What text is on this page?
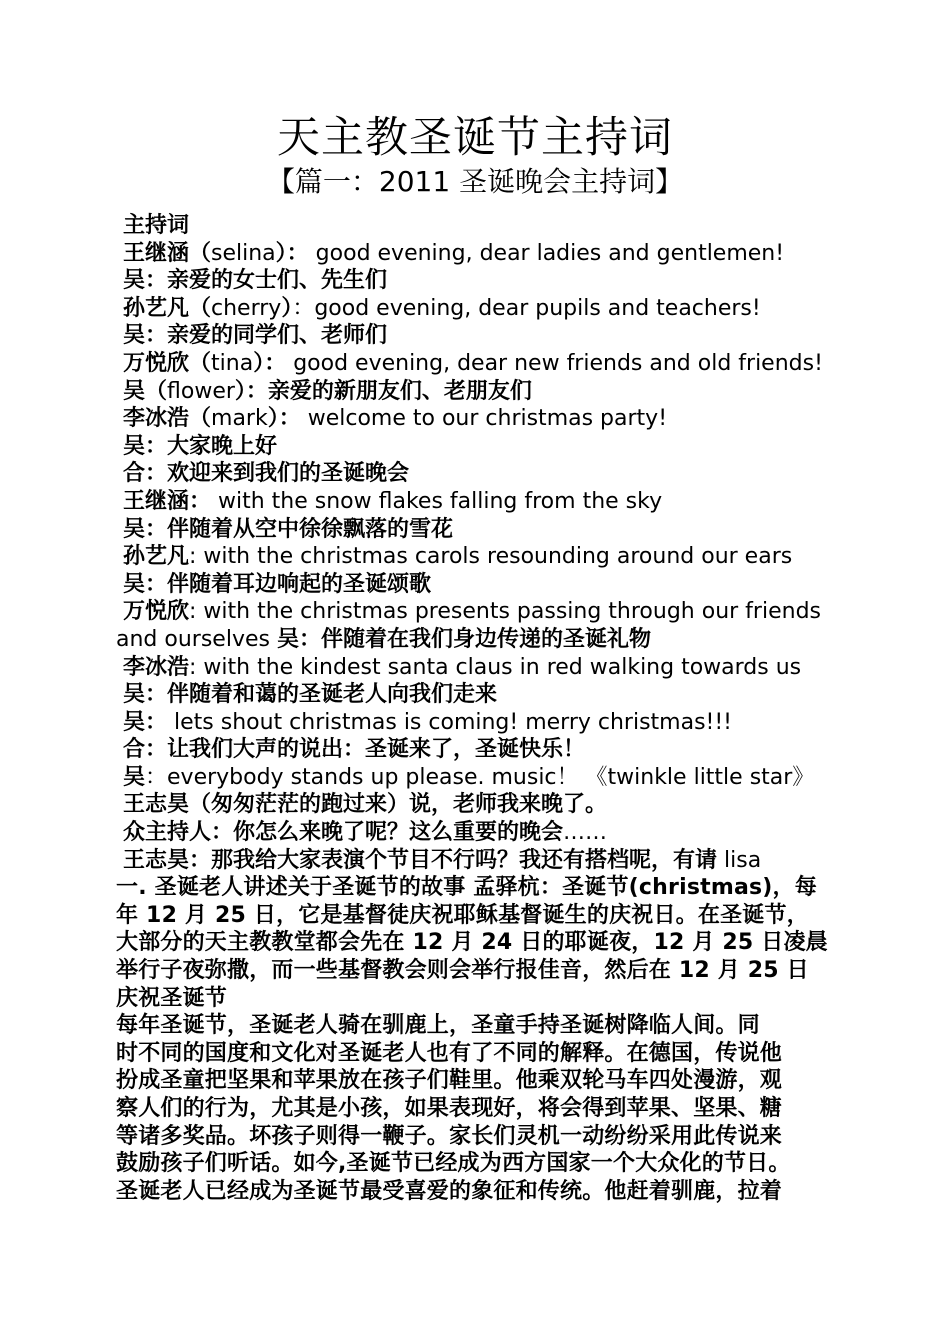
天主教圣诞节主持词
【篇一：2011 圣诞晚会主持词】
主持词
王继涵（selina）： good evening, dear ladies and gentlemen!
吴：亲爱的女士们、先生们
孙艺凡（cherry）：good evening, dear pupils and teachers!
吴：亲爱的同学们、老师们
万悦欣（tina）： good evening, dear new friends and old friends!
吴（flower）：亲爱的新朋友们、老朋友们
李冰浩（mark）： welcome to our christmas party!
吴：大家晚上好
合：欢迎来到我们的圣诞晚会
王继涵： with the snow flakes falling from the sky
吴：伴随着从空中徐徐飘落的雪花
孙艺凡: with the christmas carols resounding around our ears
吴：伴随着耳边响起的圣诞颂歌
万悦欣: with the christmas presents passing through our friends
and ourselves 吴：伴随着在我们身边传递的圣诞礼物
李冰浩: with the kindest santa claus in red walking towards us
吴：伴随着和蔼的圣诞老人向我们走来
吴： lets shout christmas is coming! merry christmas!!!
合：让我们大声的说出：圣诞来了，圣诞快乐！
吴：everybody stands up please. music！ 《twinkle little star》
王志昊（匆匆茫茫的跑过来）说，老师我来晚了。
众主持人：你怎么来晚了呢？这么重要的晚会……
王志昊：那我给大家表演个节目不行吗？我还有搭档呢，有请 lisa
一. 圣诞老人讲述关于圣诞节的故事 孟驿杭：圣诞节(christmas)，每
年 12 月 25 日，它是基督徒庆祝耶稣基督诞生的庆祝日。在圣诞节，
大部分的天主教教堂都会先在 12 月 24 日的耶诞夜，12 月 25 日凌晨
举行子夜弥撒，而一些基督教会则会举行报佳音，然后在 12 月 25 日
庆祝圣诞节
每年圣诞节，圣诞老人骑在驯鹿上，圣童手持圣诞树降临人间。同
时不同的国度和文化对圣诞老人也有了不同的解释。在德国，传说他
扮成圣童把坚果和苹果放在孩子们鞋里。他乘双轮马车四处漫游，观
察人们的行为，尤其是小孩，如果表现好，将会得到苹果、坚果、糖
等诸多奖品。坏孩子则得一鞭子。家长们灵机一动纷纷采用此传说来
鼓励孩子们听话。如今,圣诞节已经成为西方国家一个大众化的节日。
圣诞老人已经成为圣诞节最受喜爱的象征和传统。他赶着驯鹿，拉着
